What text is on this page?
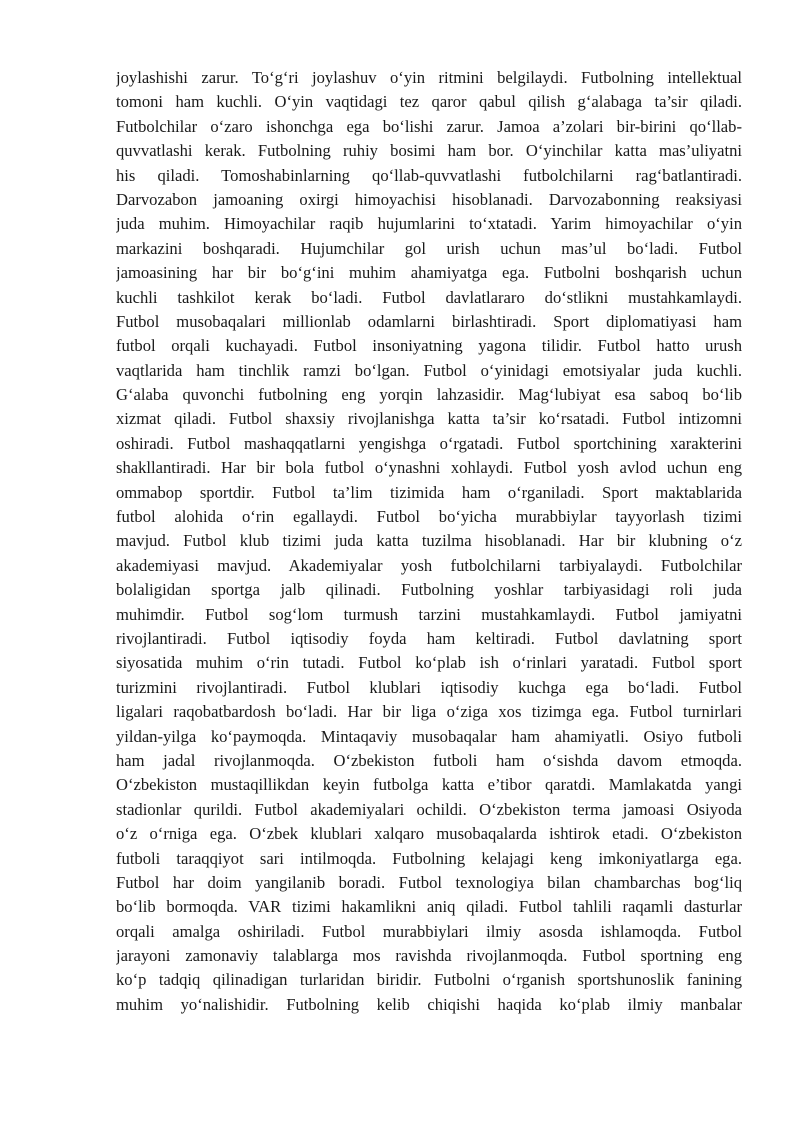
joylashishi zarur. To‘g‘ri joylashuv o‘yin ritmini belgilaydi. Futbolning intellektual
tomoni ham kuchli. O‘yin vaqtidagi tez qaror qabul qilish g‘alabaga ta’sir qiladi.
Futbolchilar o‘zaro ishonchga ega bo‘lishi zarur. Jamoa a’zolari bir-birini qo‘llab-
quvvatlashi kerak. Futbolning ruhiy bosimi ham bor. O‘yinchilar katta mas’uliyatni
his qiladi. Tomoshabinlarning qo‘llab-quvvatlashi futbolchilarni rag‘batlantiradi.
Darvozabon jamoaning oxirgi himoyachisi hisoblanadi. Darvozabonning reaksiyasi
juda muhim. Himoyachilar raqib hujumlarini to‘xtatadi. Yarim himoyachilar o‘yin
markazini boshqaradi. Hujumchilar gol urish uchun mas’ul bo‘ladi. Futbol
jamoasining har bir bo‘g‘ini muhim ahamiyatga ega. Futbolni boshqarish uchun
kuchli tashkilot kerak bo‘ladi. Futbol davlatlararo do‘stlikni mustahkamlaydi.
Futbol musobaqalari millionlab odamlarni birlashtiradi. Sport diplomatiyasi ham
futbol orqali kuchayadi. Futbol insoniyatning yagona tilidir. Futbol hatto urush
vaqtlarida ham tinchlik ramzi bo‘lgan. Futbol o‘yinidagi emotsiyalar juda kuchli.
G‘alaba quvonchi futbolning eng yorqin lahzasidir. Mag‘lubiyat esa saboq bo‘lib
xizmat qiladi. Futbol shaxsiy rivojlanishga katta ta’sir ko‘rsatadi. Futbol intizomni
oshiradi. Futbol mashaqqatlarni yengishga o‘rgatadi. Futbol sportchining xarakterini
shakllantiradi. Har bir bola futbol o‘ynashni xohlaydi. Futbol yosh avlod uchun eng
ommabop sportdir. Futbol ta’lim tizimida ham o‘rganiladi. Sport maktablarida
futbol alohida o‘rin egallaydi. Futbol bo‘yicha murabbiylar tayyorlash tizimi
mavjud. Futbol klub tizimi juda katta tuzilma hisoblanadi. Har bir klubning o‘z
akademiyasi mavjud. Akademiyalar yosh futbolchilarni tarbiyalaydi. Futbolchilar
bolaligidan sportga jalb qilinadi. Futbolning yoshlar tarbiyasidagi roli juda
muhimdir. Futbol sog‘lom turmush tarzini mustahkamlaydi. Futbol jamiyatni
rivojlantiradi. Futbol iqtisodiy foyda ham keltiradi. Futbol davlatning sport
siyosatida muhim o‘rin tutadi. Futbol ko‘plab ish o‘rinlari yaratadi. Futbol sport
turizmini rivojlantiradi. Futbol klublari iqtisodiy kuchga ega bo‘ladi. Futbol
ligalari raqobatbardosh bo‘ladi. Har bir liga o‘ziga xos tizimga ega. Futbol turnirlari
yildan-yilga ko‘paymoqda. Mintaqaviy musobaqalar ham ahamiyatli. Osiyo futboli
ham jadal rivojlanmoqda. O‘zbekiston futboli ham o‘sishda davom etmoqda.
O‘zbekiston mustaqillikdan keyin futbolga katta e’tibor qaratdi. Mamlakatda yangi
stadionlar qurildi. Futbol akademiyalari ochildi. O‘zbekiston terma jamoasi Osiyoda
o‘z o‘rniga ega. O‘zbek klublari xalqaro musobaqalarda ishtirok etadi. O‘zbekiston
futboli taraqqiyot sari intilmoqda. Futbolning kelajagi keng imkoniyatlarga ega.
Futbol har doim yangilanib boradi. Futbol texnologiya bilan chambarchas bog‘liq
bo‘lib bormoqda. VAR tizimi hakamlikni aniq qiladi. Futbol tahlili raqamli dasturlar
orqali amalga oshiriladi. Futbol murabbiylari ilmiy asosda ishlamoqda. Futbol
jarayoni zamonaviy talablarga mos ravishda rivojlanmoqda. Futbol sportning eng
ko‘p tadqiq qilinadigan turlaridan biridir. Futbolni o‘rganish sportshunoslik fanining
muhim yo‘nalishidir. Futbolning kelib chiqishi haqida ko‘plab ilmiy manbalar
